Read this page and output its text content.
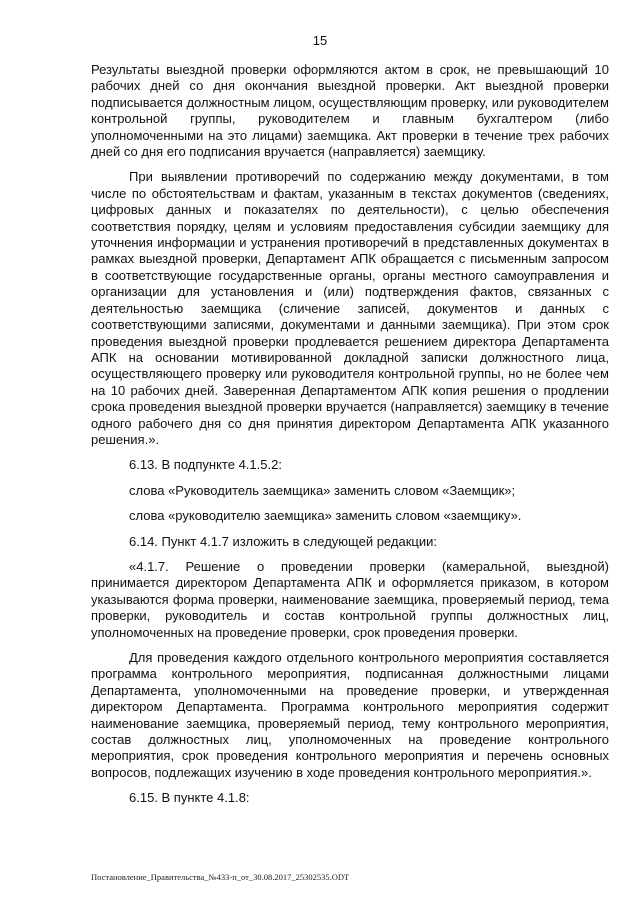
15

Результаты выездной проверки оформляются актом в срок, не превышающий 10 рабочих дней со дня окончания выездной проверки. Акт выездной проверки подписывается должностным лицом, осуществляющим проверку, или руководителем контрольной группы, руководителем и главным бухгалтером (либо уполномоченными на это лицами) заемщика. Акт проверки в течение трех рабочих дней со дня его подписания вручается (направляется) заемщику.

При выявлении противоречий по содержанию между документами, в том числе по обстоятельствам и фактам, указанным в текстах документов (сведениях, цифровых данных и показателях по деятельности), с целью обеспечения соответствия порядку, целям и условиям предоставления субсидии заемщику для уточнения информации и устранения противоречий в представленных документах в рамках выездной проверки, Департамент АПК обращается с письменным запросом в соответствующие государственные органы, органы местного самоуправления и организации для установления и (или) подтверждения фактов, связанных с деятельностью заемщика (сличение записей, документов и данных с соответствующими записями, документами и данными заемщика). При этом срок проведения выездной проверки продлевается решением директора Департамента АПК на основании мотивированной докладной записки должностного лица, осуществляющего проверку или руководителя контрольной группы, но не более чем на 10 рабочих дней. Заверенная Департаментом АПК копия решения о продлении срока проведения выездной проверки вручается (направляется) заемщику в течение одного рабочего дня со дня принятия директором Департамента АПК указанного решения.».

6.13. В подпункте 4.1.5.2:

слова «Руководитель заемщика» заменить словом «Заемщик»;

слова «руководителю заемщика» заменить словом «заемщику».

6.14. Пункт 4.1.7 изложить в следующей редакции:

«4.1.7. Решение о проведении проверки (камеральной, выездной) принимается директором Департамента АПК и оформляется приказом, в котором указываются форма проверки, наименование заемщика, проверяемый период, тема проверки, руководитель и состав контрольной группы должностных лиц, уполномоченных на проведение проверки, срок проведения проверки.

Для проведения каждого отдельного контрольного мероприятия составляется программа контрольного мероприятия, подписанная должностными лицами Департамента, уполномоченными на проведение проверки, и утвержденная директором Департамента. Программа контрольного мероприятия содержит наименование заемщика, проверяемый период, тему контрольного мероприятия, состав должностных лиц, уполномоченных на проведение контрольного мероприятия, срок проведения контрольного мероприятия и перечень основных вопросов, подлежащих изучению в ходе проведения контрольного мероприятия.».

6.15. В пункте 4.1.8:

Постановление_Правительства_№433-п_от_30.08.2017_25302535.ODT
